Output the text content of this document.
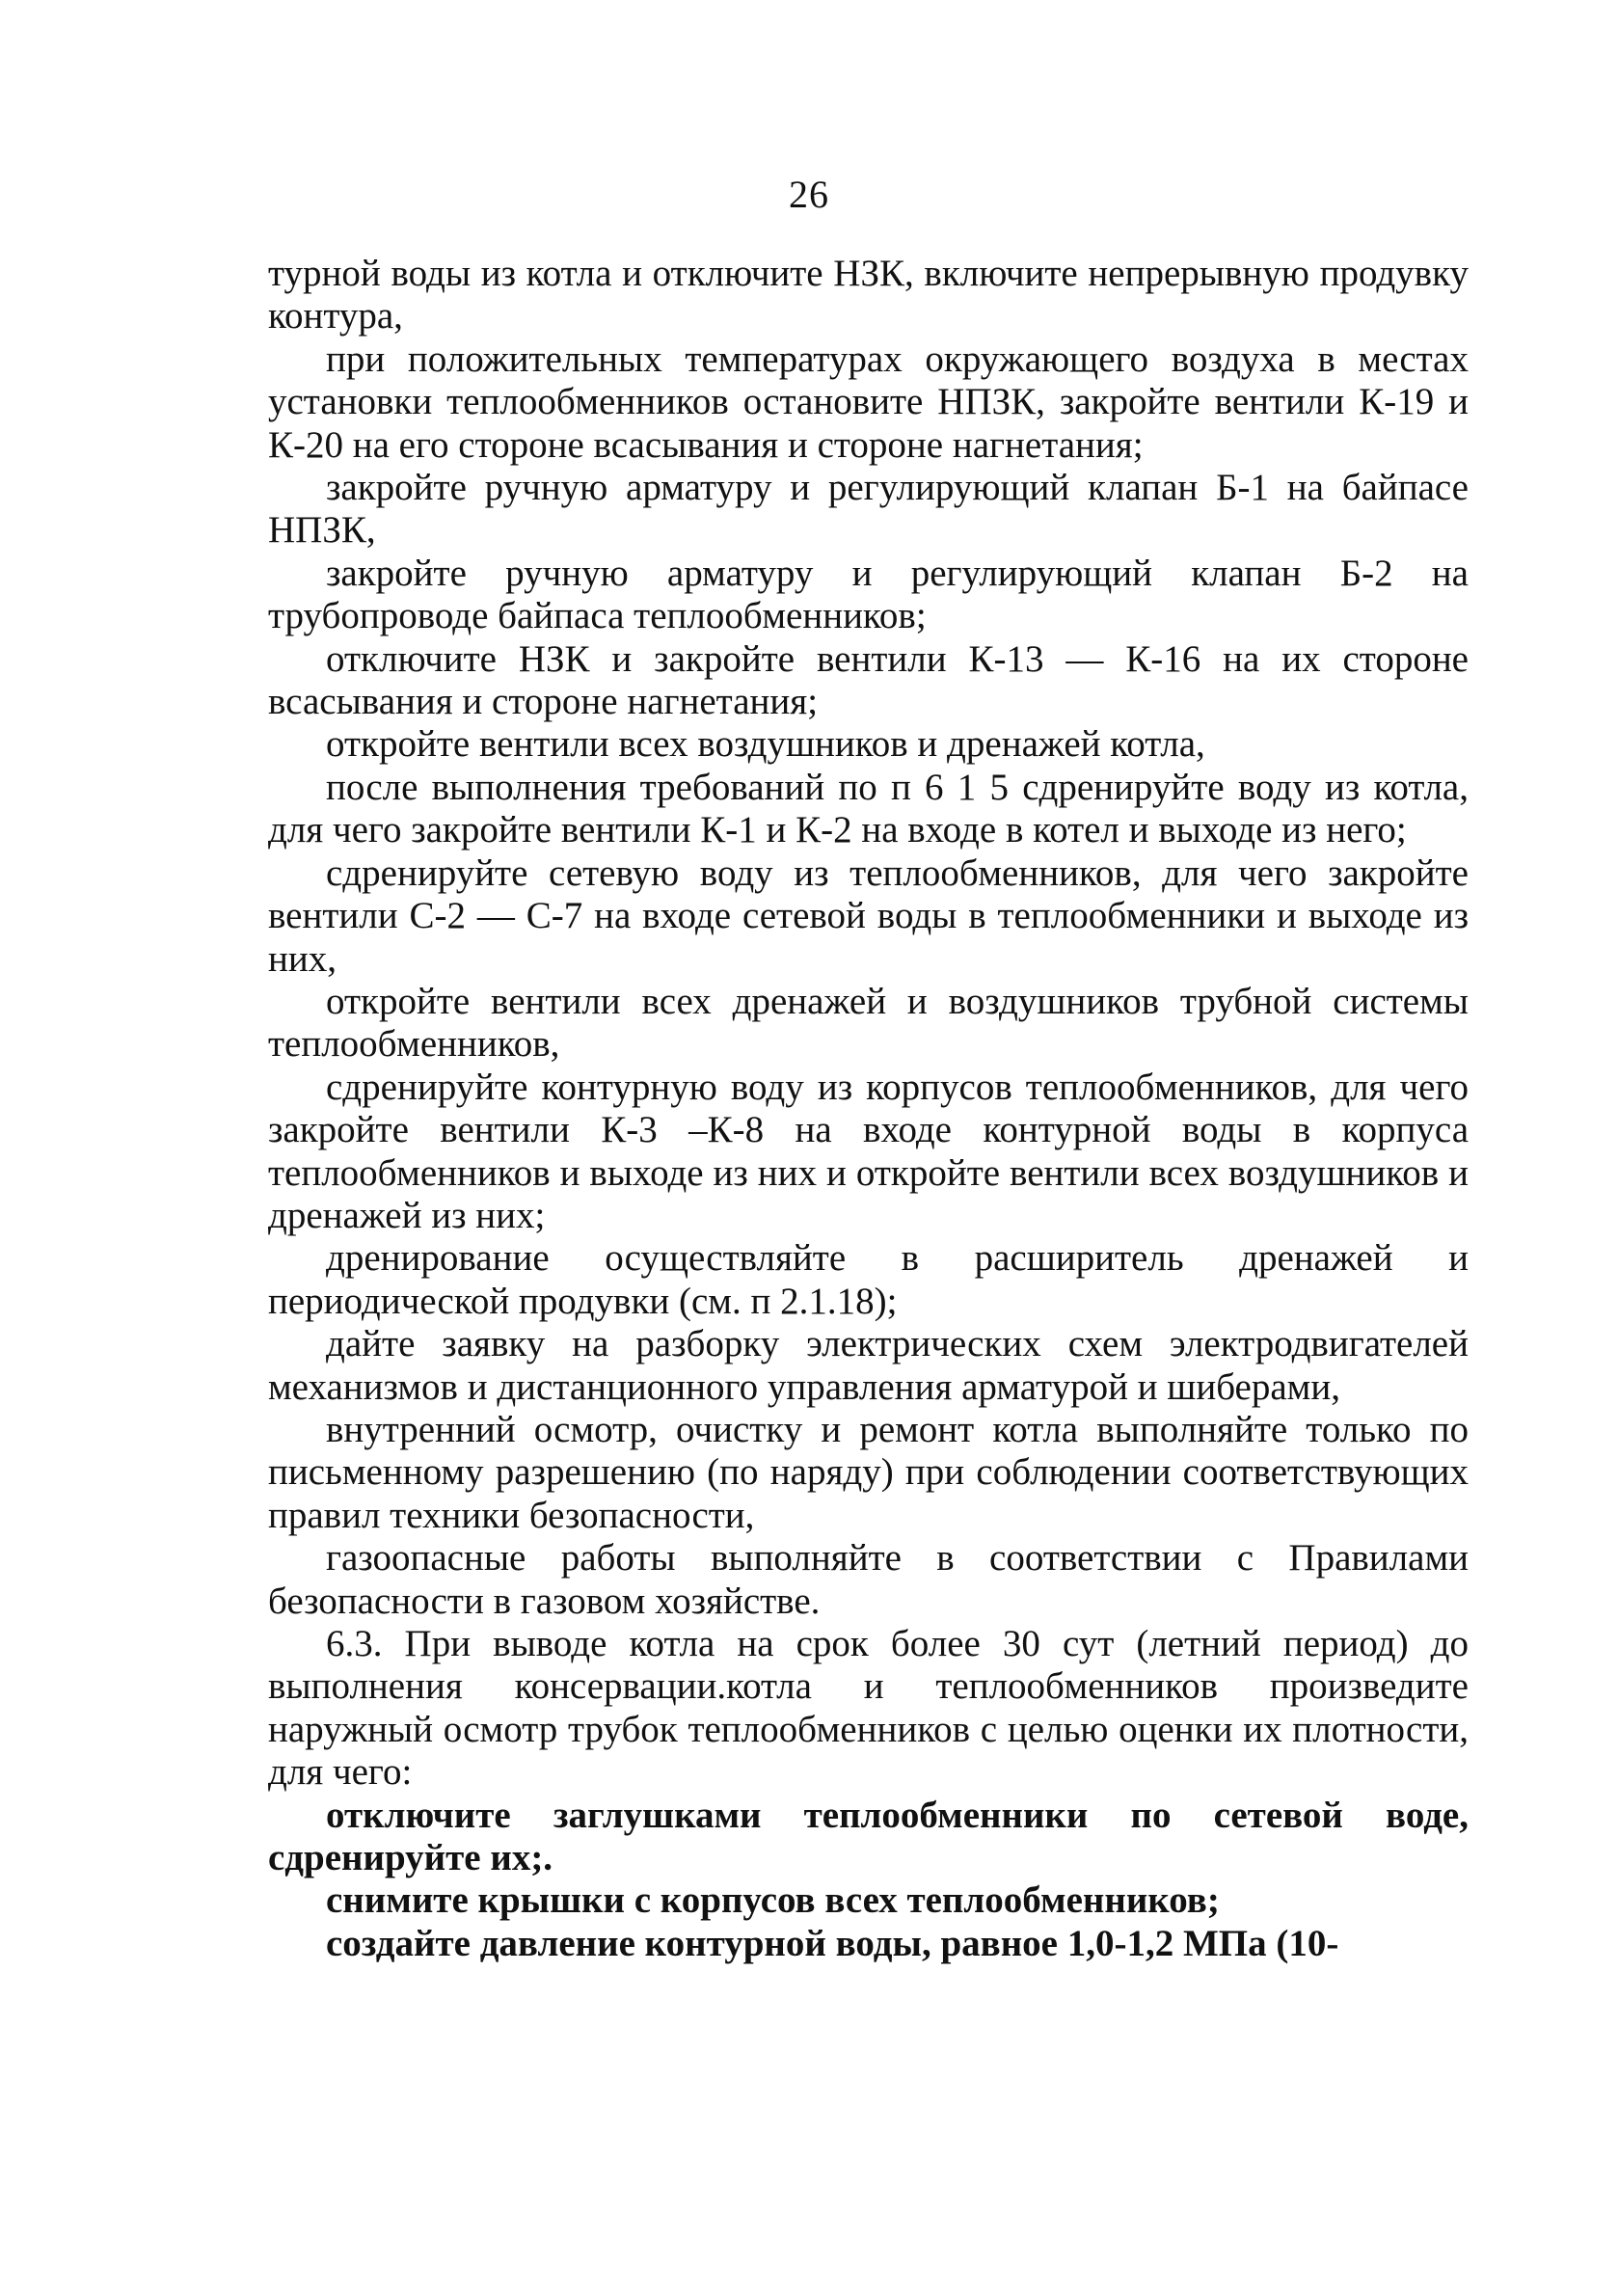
26

турной воды из котла и отключите НЗК, включите непрерывную продувку контура,

при положительных температурах окружающего воздуха в местах установки теплообменников остановите НПЗК, закройте вентили К-19 и К-20 на его стороне всасывания и стороне нагнетания;

закройте ручную арматуру и регулирующий клапан Б-1 на байпасе НПЗК,

закройте ручную арматуру и регулирующий клапан Б-2 на трубопроводе байпаса теплообменников;

отключите НЗК и закройте вентили К-13 — К-16 на их стороне всасывания и стороне нагнетания;

откройте вентили всех воздушников и дренажей котла,

после выполнения требований по п 6 1 5 сдренируйте воду из котла, для чего закройте вентили К-1 и К-2 на входе в котел и выходе из него;

сдренируйте сетевую воду из теплообменников, для чего закройте вентили С-2 — С-7 на входе сетевой воды в теплообменники и выходе из них,

откройте вентили всех дренажей и воздушников трубной системы теплообменников,

сдренируйте контурную воду из корпусов теплообменников, для чего закройте вентили К-3 –К-8 на входе контурной воды в корпуса теплообменников и выходе из них и откройте вентили всех воздушников и дренажей из них;

дренирование осуществляйте в расширитель дренажей и периодической продувки (см. п 2.1.18);

дайте заявку на разборку электрических схем электродвигателей механизмов и дистанционного управления арматурой и шиберами,

внутренний осмотр, очистку и ремонт котла выполняйте только по письменному разрешению (по наряду) при соблюдении соответствующих правил техники безопасности,

газоопасные работы выполняйте в соответствии с Правилами безопасности в газовом хозяйстве.

6.3. При выводе котла на срок более 30 сут (летний период) до выполнения консервации.котла и теплообменников произведите наружный осмотр трубок теплообменников с целью оценки их плотности, для чего:

отключите заглушками теплообменники по сетевой воде, сдренируйте их;.

снимите крышки с корпусов всех теплообменников;

создайте давление контурной воды, равное 1,0-1,2 МПа (10-
